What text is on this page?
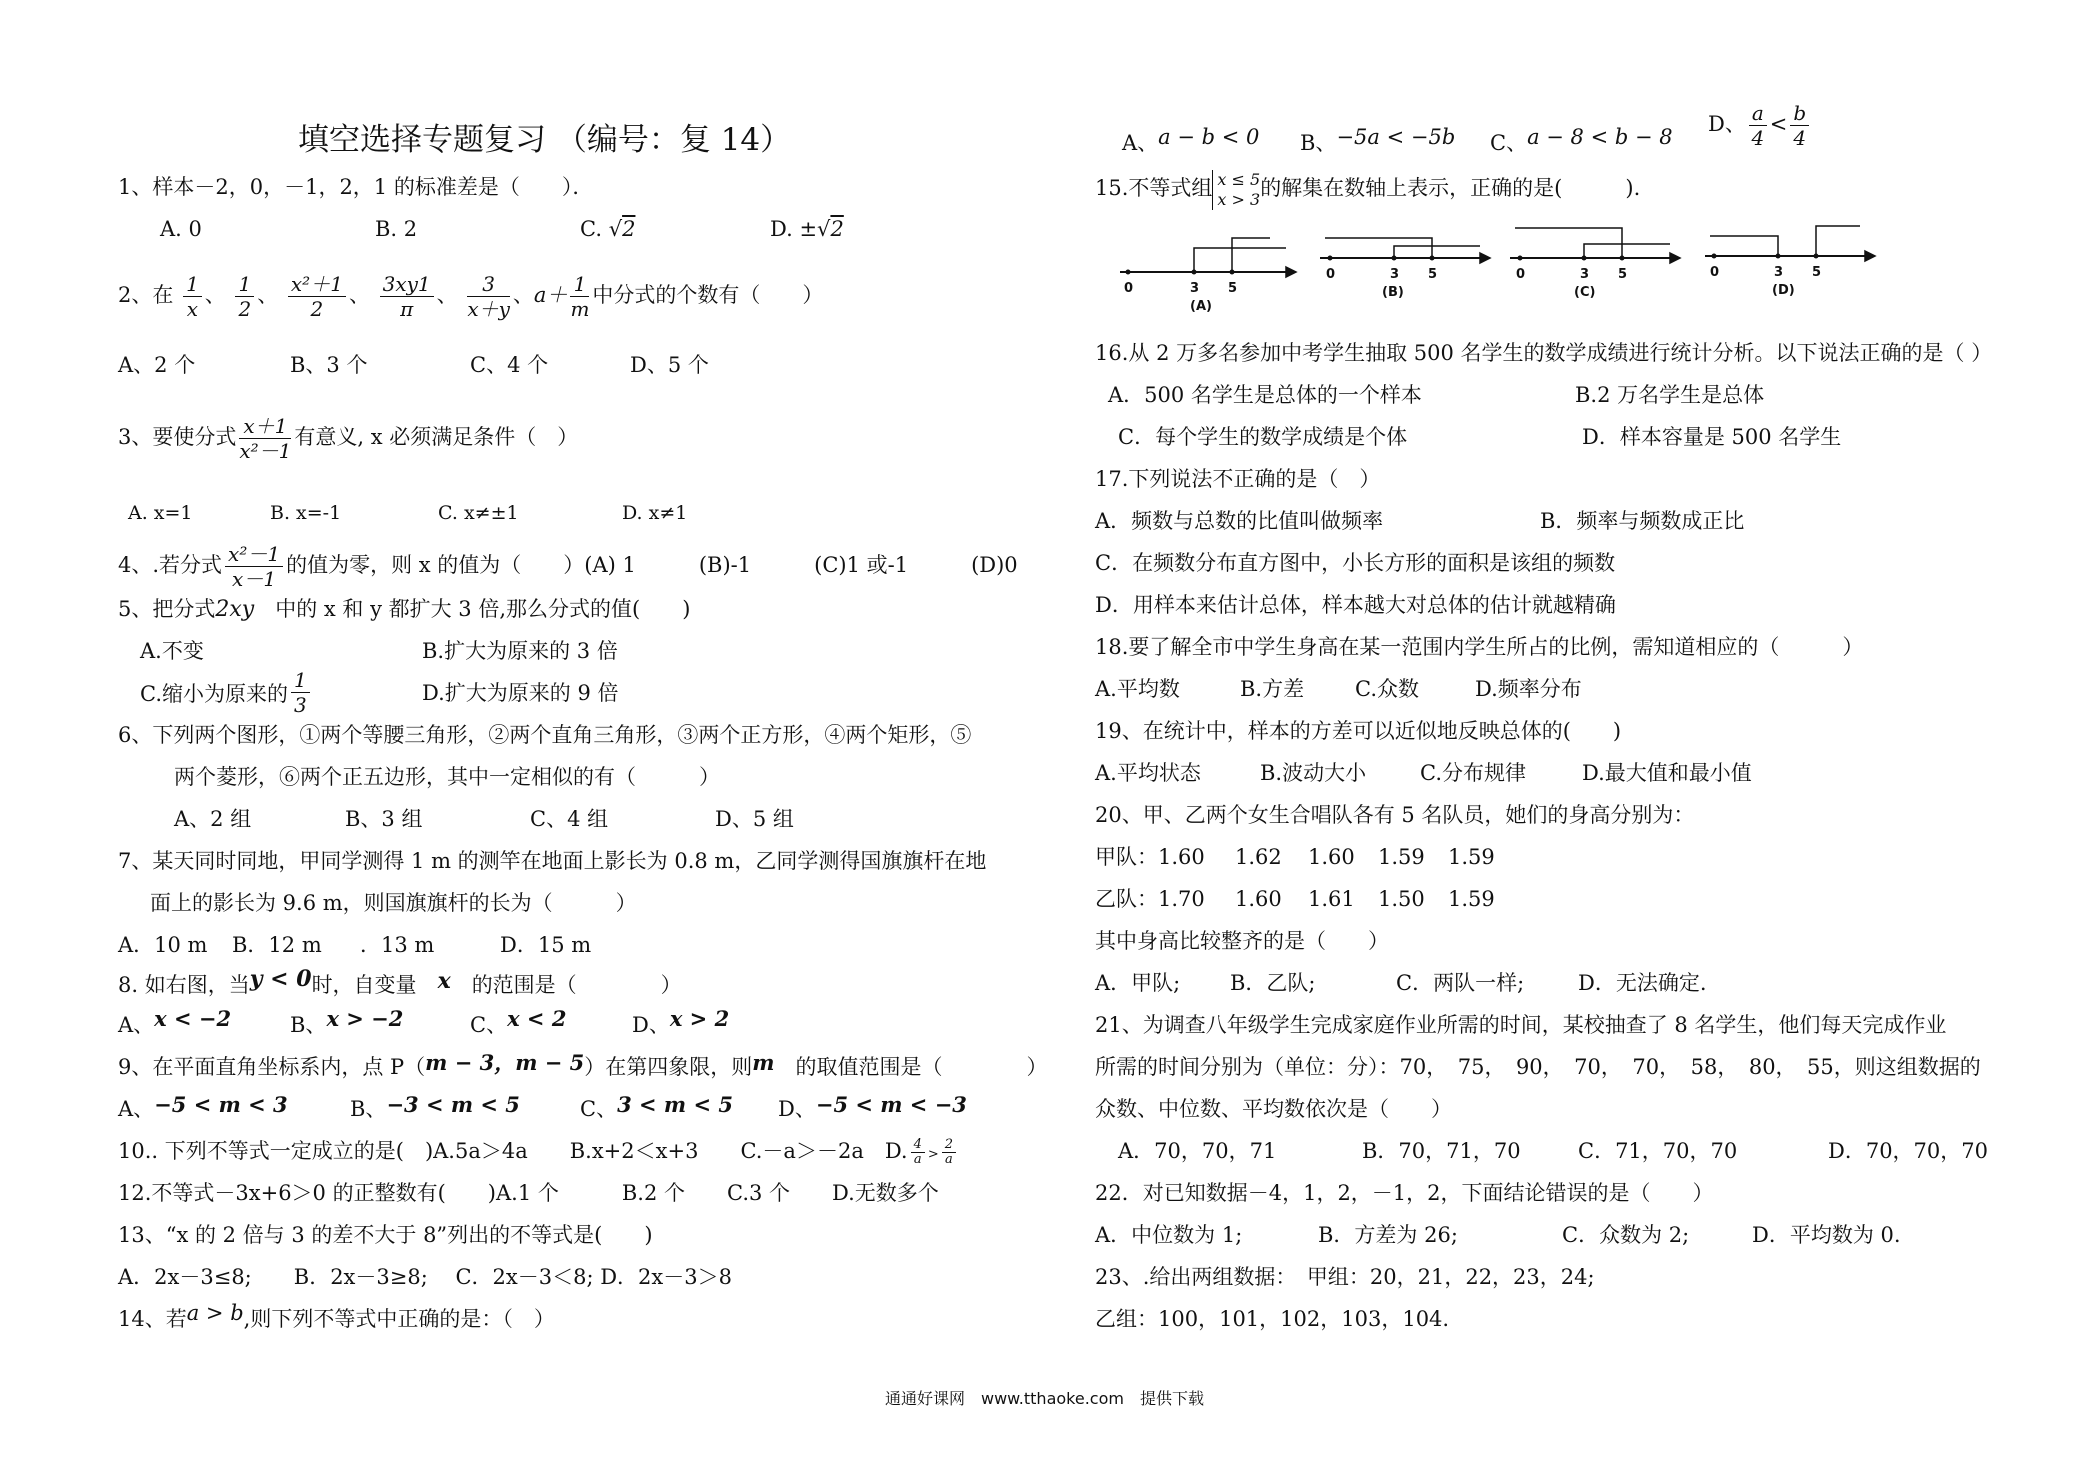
填空选择专题复习 （编号：复 14）
1、样本－2，0，－1，2，1 的标准差是（　　）．
A. 0	B. 2	C. √2	D. ±√2
2、在 $\frac{1}{x}$ 、 $\frac{1}{2}$ 、 $\frac{\text{x²＋1}}{2}$ 、 $\frac{3xy1}{\pi}$ 、 $\frac{3}{x+y}$ 、$a+ \frac{1}{m}$ 中分式的个数有（　　）
A、2 个	B、3 个	C、4 个	D、5 个
3、要使分式 $\frac{x+1}{\text{x²－1}}$ 有意义, x 必须满足条件（　）
A. x=1	B. x=-1	C. x≠±1	D. x≠1
4、.若分式 $\frac{\text{x²－1}}{x-1}$ 的值为零，则 x 的值为（　　）(A) 1　　　(B)-1　　　(C)1 或-1　　　(D)0
5、把分式2xy　 中的 x 和 y 都扩大 3 倍,那么分式的值(　　)
A.不变	B.扩大为原来的 3 倍
C.缩小为原来的 $\frac{1}{3}$	D.扩大为原来的 9 倍
6、下列两个图形，①两个等腰三角形，②两个直角三角形，③两个正方形，④两个矩形，⑤
两个菱形，⑥两个正五边形，其中一定相似的有（　　　）
A、2 组	B、3 组	C、4 组	D、5 组
7、某天同时同地，甲同学测得 1 m 的测竿在地面上影长为 0.8 m，乙同学测得国旗旗杆在地
面上的影长为 9.6 m，则国旗旗杆的长为（　　　）
A．10 m B．12 m ．13 m	D．15 m
8. 如右图，当y < 0时，自变量　 x　 的范围是（　　　　）
A、x < −2	B、x > −2	C、x < 2	D、x > 2
9、在平面直角坐标系内，点 P（m − 3，m − 5）在第四象限，则m　 的取值范围是（　　　　）
A、−5 < m < 3	B、−3 < m < 5	C、3 < m < 5 D、−5 < m < −3
10.. 下列不等式一定成立的是(　)A.5a＞4a　　B.x+2＜x+3　　C.－a＞－2a　D. $\frac{4}{a} > \frac{2}{a}$
12.不等式－3x+6＞0 的正整数有(　　)A.1 个　　　B.2 个　　C.3 个　　D.无数多个
13、“x 的 2 倍与 3 的差不大于 8”列出的不等式是(　　)
A．2x－3≤8;　　B．2x－3≥8;　 C．2x－3＜8; D．2x－3＞8
14、若a > b,则下列不等式中正确的是：（　）
A、a − b < 0 B、−5a < −5b C、a − 8 < b − 8
D、 $\frac{a}{4} < \frac{b}{4}$
15.不等式组 x ≤ 5
x > 3 的解集在数轴上表示，正确的是(　　　).
0	3 5
(A)
0	3 5
(B)
0	3 5
(C)
0	3 5
(D)
16.从 2 万多名参加中考学生抽取 500 名学生的数学成绩进行统计分析。以下说法正确的是（ ）
A．500 名学生是总体的一个样本	B.2 万名学生是总体
C．每个学生的数学成绩是个体	D．样本容量是 500 名学生
17.下列说法不正确的是（　）
A．频数与总数的比值叫做频率	B．频率与频数成正比
C．在频数分布直方图中，小长方形的面积是该组的频数
D．用样本来估计总体，样本越大对总体的估计就越精确
18.要了解全市中学生身高在某一范围内学生所占的比例，需知道相应的（　　　）
A.平均数	B.方差 C.众数	D.频率分布
19、在统计中，样本的方差可以近似地反映总体的(　　)
A.平均状态	B.波动大小	C.分布规律	D.最大值和最小值
20、甲、乙两个女生合唱队各有 5 名队员，她们的身高分别为：
甲队：1.60 1.62 1.60 1.59 1.59
乙队：1.70 1.60 1.61 1.50 1.59
其中身高比较整齐的是（　　）
A．甲队; B．乙队;	C．两队一样;	D．无法确定.
21、为调查八年级学生完成家庭作业所需的时间，某校抽查了 8 名学生，他们每天完成作业
所需的时间分别为（单位：分）：70，　75，　90，　70，　70，　58，　80，　55，则这组数据的
众数、中位数、平均数依次是（　　）
A．70，70，71	B．70，71，70	C．71，70，70	D．70，70，70
22．对已知数据－4，1，2，－1，2，下面结论错误的是（　　）
A．中位数为 1;	B．方差为 26;	C．众数为 2;	D．平均数为 0.
23、.给出两组数据：　甲组：20，21，22，23，24;
乙组：100，101，102，103，104.
通通好课网　www.tthaoke.com　提供下载
